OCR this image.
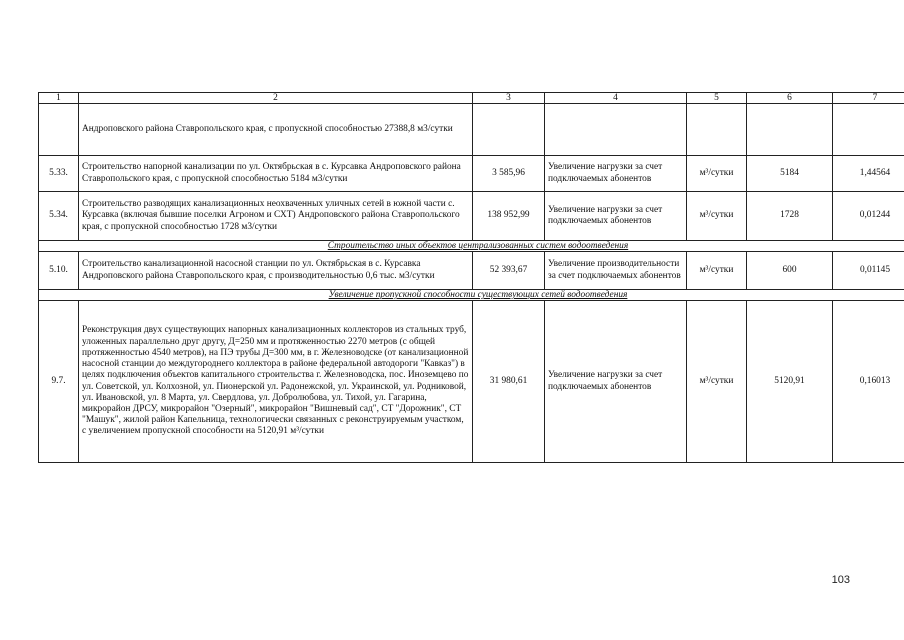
1	2	3	4	5	6	7
	Андроповского района Ставропольского края, с пропускной способностью 27388,8 м3/сутки					
5.33.	Строительство напорной канализации по ул. Октябрьская в с. Курсавка Андроповского района Ставропольского края, с пропускной способностью 5184 м3/сутки	3 585,96	Увеличение нагрузки за счет подключаемых абонентов	м³/сутки	5184	1,44564
5.34.	Строительство разводящих канализационных неохваченных уличных сетей в южной части с. Курсавка (включая бывшие поселки Агроном и СХТ) Андроповского района Ставропольского края, с пропускной способностью 1728 м3/сутки	138 952,99	Увеличение нагрузки за счет подключаемых абонентов	м³/сутки	1728	0,01244
Строительство иных объектов централизованных систем водоотведения						
5.10.	Строительство канализационной насосной станции по ул. Октябрьская в с. Курсавка Андроповского района Ставропольского края, с производительностью 0,6 тыс. м3/сутки	52 393,67	Увеличение производительности за счет подключаемых абонентов	м³/сутки	600	0,01145
Увеличение пропускной способности существующих сетей водоотведения						
9.7.	Реконструкция двух существующих напорных канализационных коллекторов из стальных труб, уложенных параллельно друг другу, Д=250 мм и протяженностью 2270 метров (с общей протяженностью 4540 метров), на ПЭ трубы Д=300 мм, в г. Железноводске (от канализационной насосной станции до междугороднего коллектора в районе федеральной автодороги "Кавказ") в целях подключения объектов капитального строительства г. Железноводска, пос. Иноземцево по ул. Советской, ул. Колхозной, ул. Пионерской ул. Радонежской, ул. Украинской, ул. Родниковой, ул. Ивановской, ул. 8 Марта, ул. Свердлова, ул. Добролюбова, ул. Тихой, ул. Гагарина, микрорайон ДРСУ, микрорайон "Озерный", микрорайон "Вишневый сад", СТ "Дорожник", СТ "Машук", жилой район Капельница, технологически связанных с реконструируемым участком, с увеличением пропускной способности на 5120,91 м³/сутки	31 980,61	Увеличение нагрузки за счет подключаемых абонентов	м³/сутки	5120,91	0,16013
103
